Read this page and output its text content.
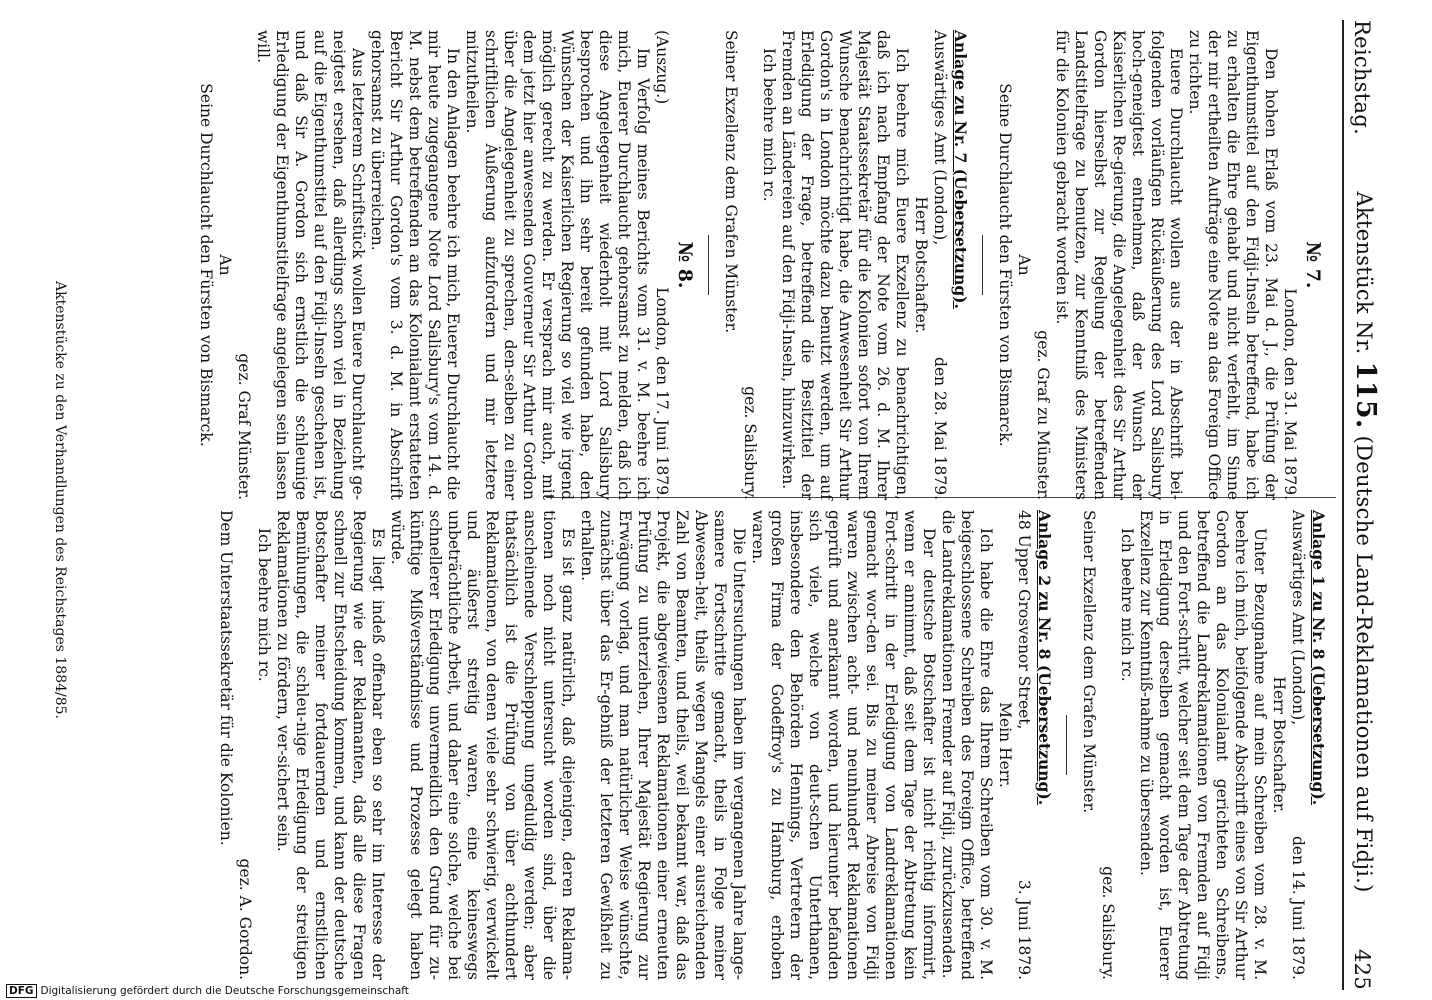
Reichstag.
Aktenstück Nr. 115. (Deutsche Land-Reklamationen auf Fidji.)
425
№ 7.
London, den 31. Mai 1879.

Den hohen Erlaß vom 23. Mai d. J., die Prüfung der Eigenthumstitel auf den Fidji-Inseln betreffend, habe ich zu erhalten die Ehre gehabt und nicht verfehlt, im Sinne der mir ertheilten Aufträge eine Note an das Foreign Office zu richten.

Euere Durchlaucht wollen aus der in Abschrift bei-folgenden vorläufigen Rückäußerung des Lord Salisbury hoch-geneigtest entnehmen, daß der Wunsch der Kaiserlichen Re-gierung, die Angelegenheit des Sir Arthur Gordon hierselbst zur Regelung der betreffenden Landstitelfrage zu benutzen, zur Kenntniß des Ministers für die Kolonien gebracht worden ist.

gez. Graf zu Münster.
An
Seine Durchlaucht den Fürsten von Bismarck.
Anlage zu Nr. 7 (Uebersetzung).
Auswärtiges Amt (London),
den 28. Mai 1879.
Herr Botschafter.

Ich beehre mich Euere Exzellenz zu benachrichtigen, daß ich nach Empfang der Note vom 26. d. M. Ihrer Majestät Staatssekretär für die Kolonien sofort von Ihrem Wunsche benachrichtigt habe, die Anwesenheit Sir Arthur Gordon's in London möchte dazu benutzt werden, um auf Erledigung der Frage, betreffend die Besitztitel der Fremden an Ländereien auf den Fidji-Inseln, hinzuwirken.

Ich beehre mich rc.
gez. Salisbury.
Seiner Exzellenz dem Grafen Münster.
№ 8.
(Auszug.)
London, den 17. Juni 1879.

Im Verfolg meines Berichts vom 31. v. M. beehre ich mich, Euerer Durchlaucht gehorsamst zu melden, daß ich diese Angelegenheit wiederholt mit Lord Salisbury besprochen und ihn sehr bereit gefunden habe, den Wünschen der Kaiserlichen Regierung so viel wie irgend möglich gerecht zu werden. Er versprach mir auch, mit dem jetzt hier anwesenden Gouverneur Sir Arthur Gordon über die Angelegenheit zu sprechen, den-selben zu einer schriftlichen Äußerung aufzufordern und mir letztere mitzutheilen.

In den Anlagen beehre ich mich, Euerer Durchlaucht die mir heute zugegangene Note Lord Salisbury's vom 14. d. M. nebst dem betreffenden an das Kolonialamt erstatteten Bericht Sir Arthur Gordon's vom 3. d. M. in Abschrift gehorsamst zu überreichen.

Aus letzterem Schriftstück wollen Euere Durchlaucht ge-neigtest ersehen, daß allerdings schon viel in Beziehung auf die Eigenthumstitel auf den Fidji-Inseln geschehen ist, und daß Sir A. Gordon sich ernstlich die schleunige Erledigung der Eigenthumstitelfrage angelegen sein lassen will.

gez. Graf Münster.
An
Seine Durchlaucht den Fürsten von Bismarck.
Anlage 1 zu Nr. 8 (Uebersetzung).
Auswärtiges Amt (London),
den 14. Juni 1879.
Herr Botschafter.

Unter Bezugnahme auf mein Schreiben vom 28. v. M. beehre ich mich, beifolgende Abschrift eines von Sir Arthur Gordon an das Kolonialamt gerichteten Schreibens, betreffend die Landreklamationen von Fremden auf Fidji und den Fort-schritt, welcher seit dem Tage der Abtretung in Erledigung derselben gemacht worden ist, Euerer Exzellenz zur Kenntniß-nahme zu übersenden.

Ich beehre mich rc.
gez. Salisbury.
Seiner Exzellenz dem Grafen Münster.
Anlage 2 zu Nr. 8 (Uebersetzung).
48 Upper Grosvenor Street,
3. Juni 1879.
Mein Herr.

Ich habe die Ehre das Ihrem Schreiben vom 30. v. M. beigeschlossene Schreiben des Foreign Office, betreffend die Landreklamationen Fremder auf Fidji, zurückzusenden.

Der deutsche Botschafter ist nicht richtig informirt, wenn er annimmt, daß seit dem Tage der Abtretung kein Fort-schritt in der Erledigung von Landreklamationen gemacht wor-den sei. Bis zu meiner Abreise von Fidji waren zwischen acht- und neunhundert Reklamationen geprüft und anerkannt worden, und hierunter befanden sich viele, welche von deut-schen Unterthanen, insbesondere den Behörden Hennings, Vertretern der großen Firma der Godeffroy's zu Hamburg, erhoben waren.

Die Untersuchungen haben im vergangenen Jahre lange-samere Fortschritte gemacht, theils in Folge meiner Abwesen-heit, theils wegen Mangels einer ausreichenden Zahl von Beamten, und theils, weil bekannt war, daß das Projekt, die abgewiesenen Reklamationen einer erneuten Prüfung zu unterziehen, Ihrer Majestät Regierung zur Erwägung vorlag, und man natürlicher Weise wünschte, zunächst über das Er-gebniß der letzteren Gewißheit zu erhalten.

Es ist ganz natürlich, daß diejenigen, deren Reklama-tionen noch nicht untersucht worden sind, über die anscheinende Verschleppung ungeduldig werden; aber thatsächlich ist die Prüfung von über achthundert Reklamationen, von denen viele sehr schwierig, verwickelt und äußerst streitig waren, eine keineswegs unbeträchtliche Arbeit, und daher eine solche, welche bei schnellerer Erledigung unvermeidlich den Grund für zu-künftige Mißverständnisse und Prozesse gelegt haben würde.

Es liegt indeß offenbar eben so sehr im Interesse der Regierung wie der Reklamanten, daß alle diese Fragen schnell zur Entscheidung kommen, und kann der deutsche Botschafter meiner fortdauernden und ernstlichen Bemühungen, die schleu-nige Erledigung der streitigen Reklamationen zu fördern, ver-sichert sein.

Ich beehre mich rc.
gez. A. Gordon.
Dem Unterstaatssekretär für die Kolonien.
Aktenstücke zu den Verhandlungen des Reichstages 1884/85.
DFG Digitalisierung gefördert durch die Deutsche Forschungsgemeinschaft
